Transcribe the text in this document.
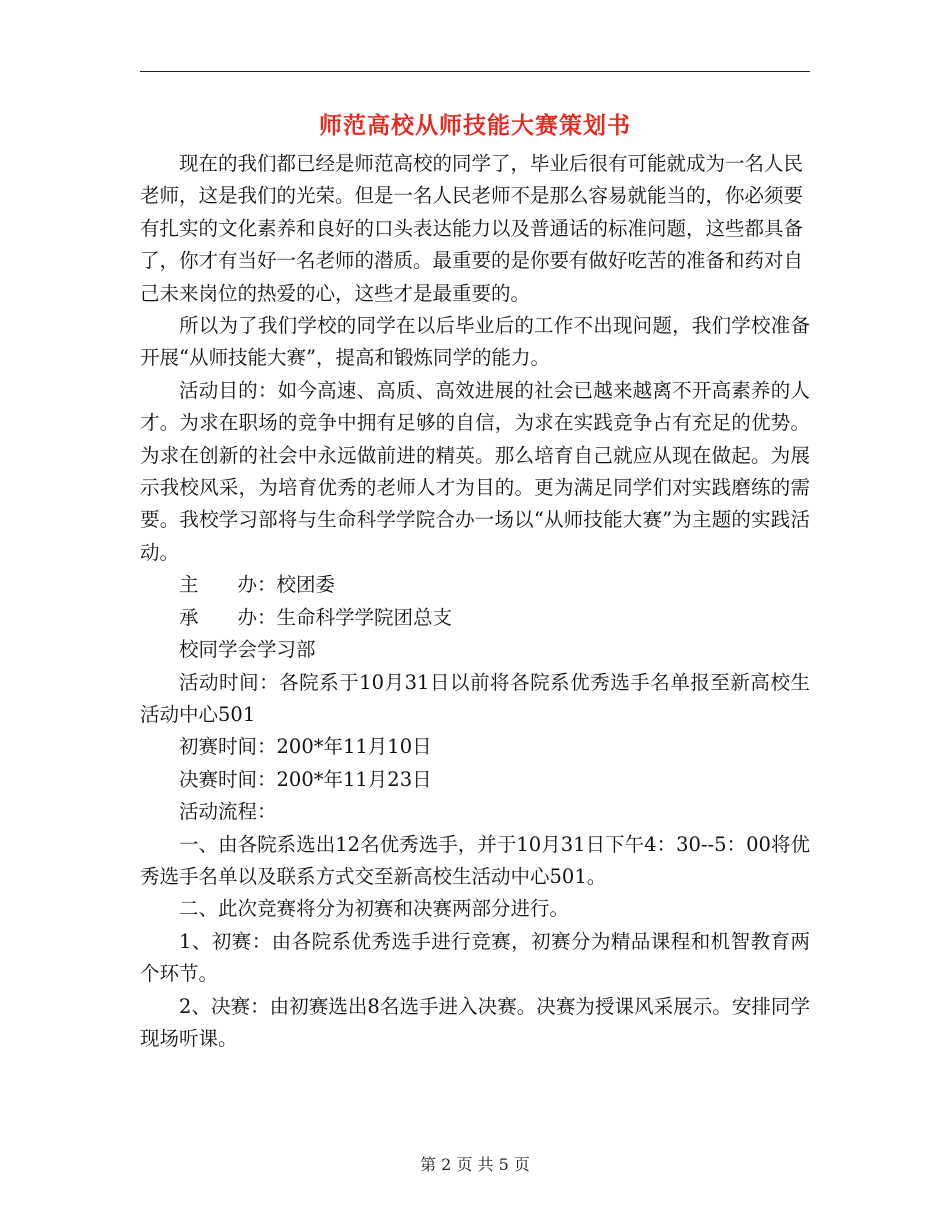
师范高校从师技能大赛策划书

现在的我们都已经是师范高校的同学了，毕业后很有可能就成为一名人民老师，这是我们的光荣。但是一名人民老师不是那么容易就能当的，你必须要有扎实的文化素养和良好的口头表达能力以及普通话的标准问题，这些都具备了，你才有当好一名老师的潜质。最重要的是你要有做好吃苦的准备和药对自己未来岗位的热爱的心，这些才是最重要的。

所以为了我们学校的同学在以后毕业后的工作不出现问题，我们学校准备开展“从师技能大赛”，提高和锻炼同学的能力。

活动目的：如今高速、高质、高效进展的社会已越来越离不开高素养的人才。为求在职场的竞争中拥有足够的自信，为求在实践竞争占有充足的优势。为求在创新的社会中永远做前进的精英。那么培育自己就应从现在做起。为展示我校风采，为培育优秀的老师人才为目的。更为满足同学们对实践磨练的需要。我校学习部将与生命科学学院合办一场以“从师技能大赛”为主题的实践活动。

主　　办：校团委

承　　办：生命科学学院团总支

校同学会学习部

活动时间：各院系于10月31日以前将各院系优秀选手名单报至新高校生活动中心501

初赛时间：200*年11月10日

决赛时间：200*年11月23日

活动流程：

一、由各院系选出12名优秀选手，并于10月31日下午4：30--5：00将优秀选手名单以及联系方式交至新高校生活动中心501。

二、此次竞赛将分为初赛和决赛两部分进行。

1、初赛：由各院系优秀选手进行竞赛，初赛分为精品课程和机智教育两个环节。

2、决赛：由初赛选出8名选手进入决赛。决赛为授课风采展示。安排同学现场听课。

第 2 页 共 5 页
